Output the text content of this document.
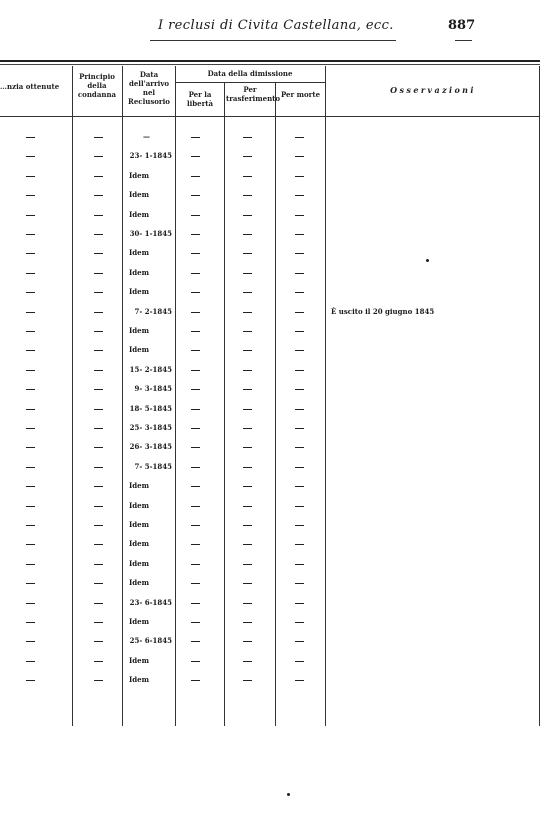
I reclusi di Civita Castellana, ecc.	887
…nzia ottenute
Principio della condanna
Data dell'arrivo nel Reclusorio
Data della dimissione
Per la libertà
Per trasferimento Per morte	Osservazioni
—
23- 1-1845
Idem
Idem
Idem
30- 1-1845
Idem
Idem
Idem
7- 2-1845
Idem
Idem
15- 2-1845
9- 3-1845
18- 5-1845
25- 3-1845
26- 3-1845
7- 5-1845
Idem
Idem
Idem
Idem
Idem
Idem
23- 6-1845
Idem
25- 6-1845
Idem
Idem
È uscito il 20 giugno 1845
